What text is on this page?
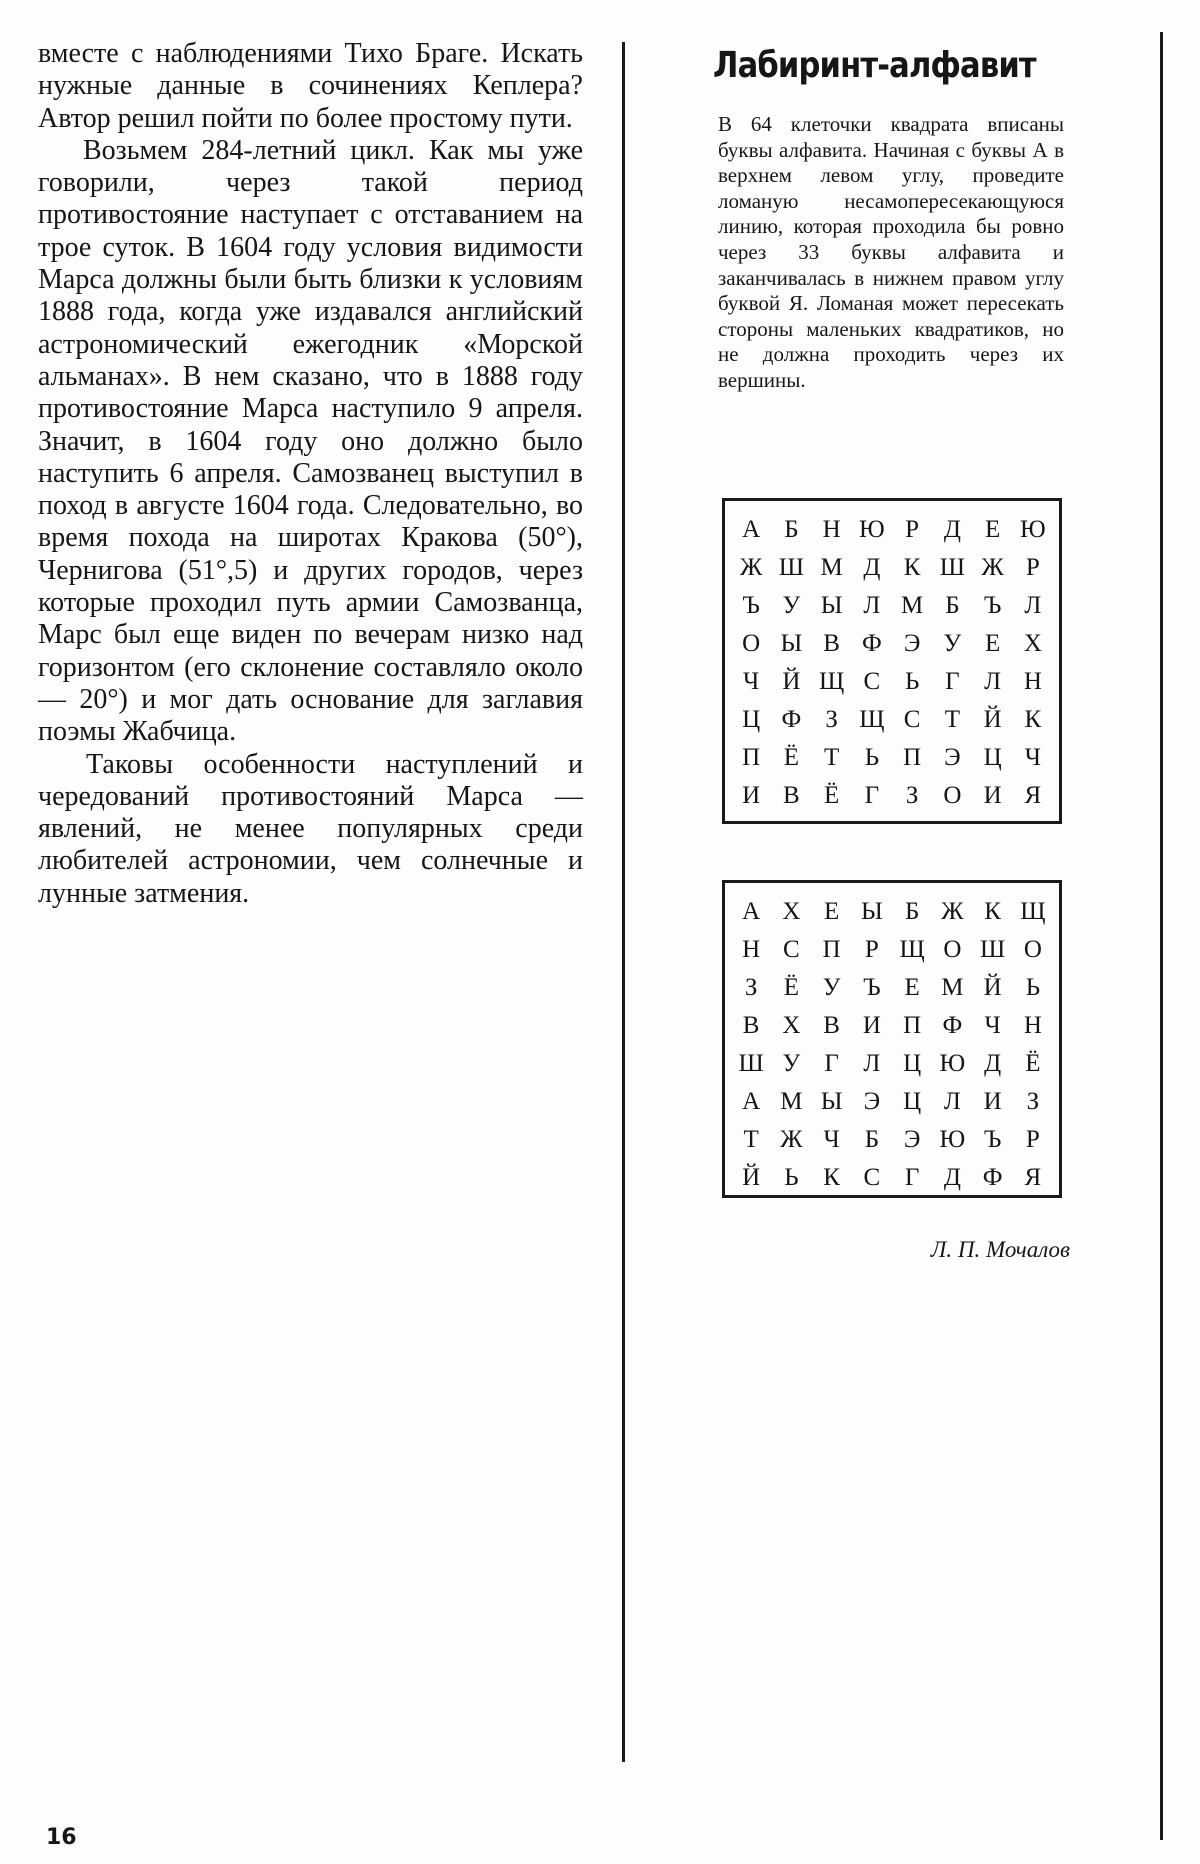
вместе с наблюдениями Тихо Браге. Искать нужные данные в сочинениях Кеплера? Автор решил пойти по более простому пути.

Возьмем 284-летний цикл. Как мы уже говорили, через такой период противостояние наступает с отставанием на трое суток. В 1604 году условия видимости Марса должны были быть близки к условиям 1888 года, когда уже издавался английский астрономический ежегодник «Морской альманах». В нем сказано, что в 1888 году противостояние Марса наступило 9 апреля. Значит, в 1604 году оно должно было наступить 6 апреля. Самозванец выступил в поход в августе 1604 года. Следовательно, во время похода на широтах Кракова (50°), Чернигова (51°,5) и других городов, через которые проходил путь армии Самозванца, Марс был еще виден по вечерам низко над горизонтом (его склонение составляло около — 20°) и мог дать основание для заглавия поэмы Жабчица.

Таковы особенности наступлений и чередований противостояний Марса — явлений, не менее популярных среди любителей астрономии, чем солнечные и лунные затмения.

Лабиринт-алфавит

В 64 клеточки квадрата вписаны буквы алфавита. Начиная с буквы А в верхнем левом углу, проведите ломаную несамопересекающуюся линию, которая проходила бы ровно через 33 буквы алфавита и заканчивалась в нижнем правом углу буквой Я. Ломаная может пересекать стороны маленьких квадратиков, но не должна проходить через их вершины.

А Б Н Ю Р Д Е Ю
Ж Ш М Д К Ш Ж Р
Ъ У Ы Л М Б Ъ Л
О Ы В Ф Э У Е Х
Ч Й Щ С Ь	Г Л Н
Ц Ф З Щ С Т Й К
П Ё Т	Ь П Э Ц Ч
И В Ё	Г	З О И Я
А Х Е Ы Б Ж К Щ
Н С П Р Щ О Ш О
З	Ё У Ъ Е М Й Ь
В Х В И П Ф Ч Н
Ш У Г Л Ц Ю Д Ё
А М Ы Э Ц Л И З
Т Ж Ч Б Э Ю Ъ Р
Й Ь К С Г Д Ф Я

Л. П. Мочалов

16
